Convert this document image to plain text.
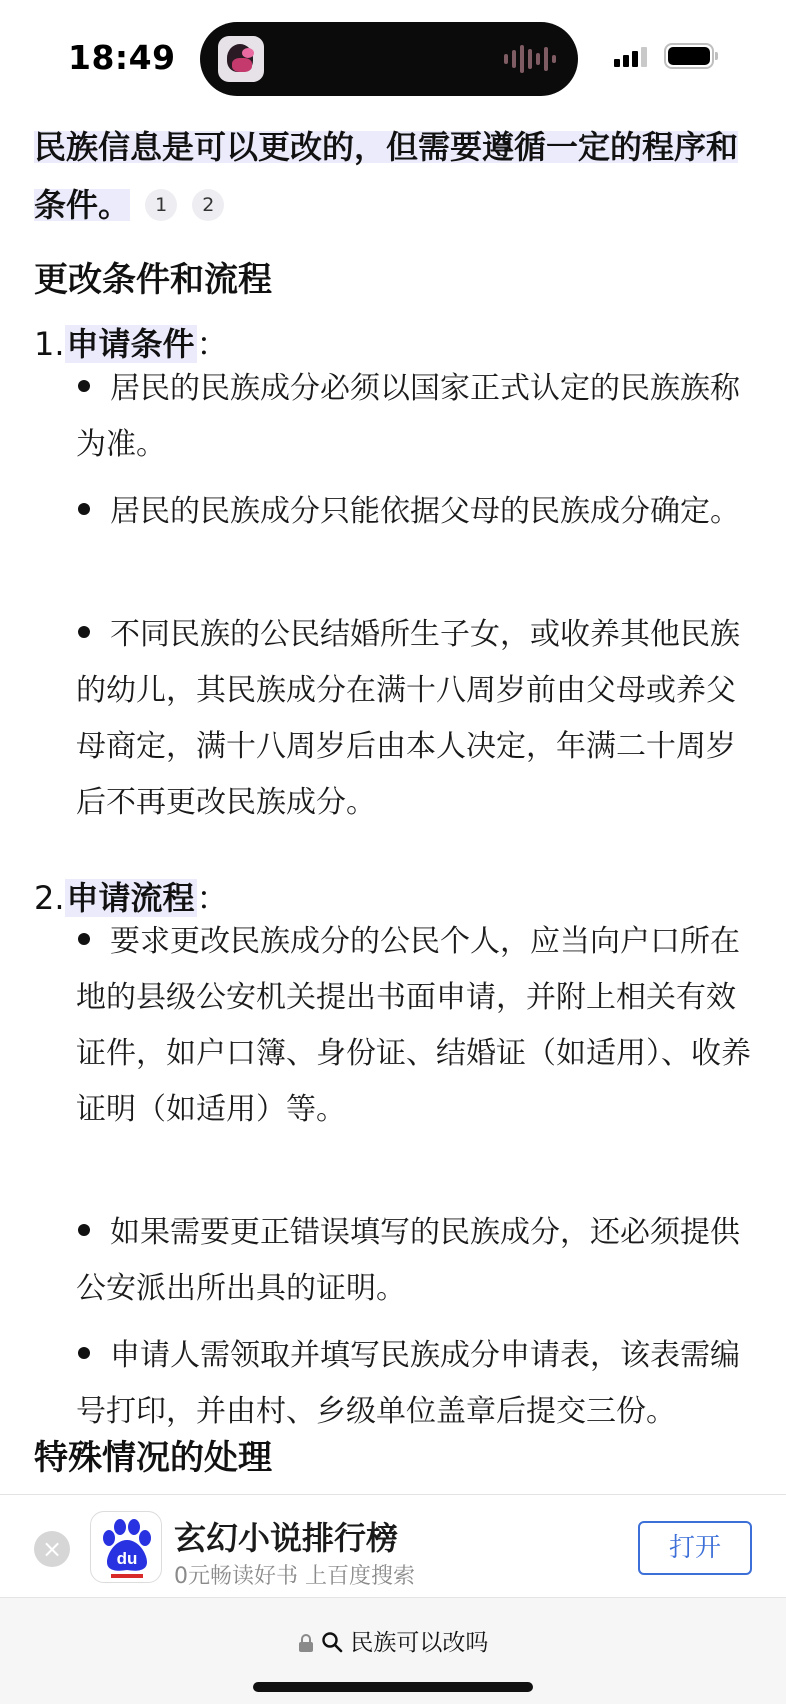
18:49
民族信息是可以更改的，但需要遵循一定的程序和条件。 1 2
更改条件和流程
1.申请条件：
居民的民族成分必须以国家正式认定的民族族称为准。
居民的民族成分只能依据父母的民族成分确定。
不同民族的公民结婚所生子女，或收养其他民族的幼儿，其民族成分在满十八周岁前由父母或养父母商定，满十八周岁后由本人决定，年满二十周岁后不再更改民族成分。
2.申请流程：
要求更改民族成分的公民个人，应当向户口所在地的县级公安机关提出书面申请，并附上相关有效证件，如户口簿、身份证、结婚证（如适用）、收养证明（如适用）等。
如果需要更正错误填写的民族成分，还必须提供公安派出所出具的证明。
申请人需领取并填写民族成分申请表，该表需编号打印，并由村、乡级单位盖章后提交三份。
特殊情况的处理
×	du
玄幻小说排行榜
0元畅读好书 上百度搜索
打开
民族可以改吗
